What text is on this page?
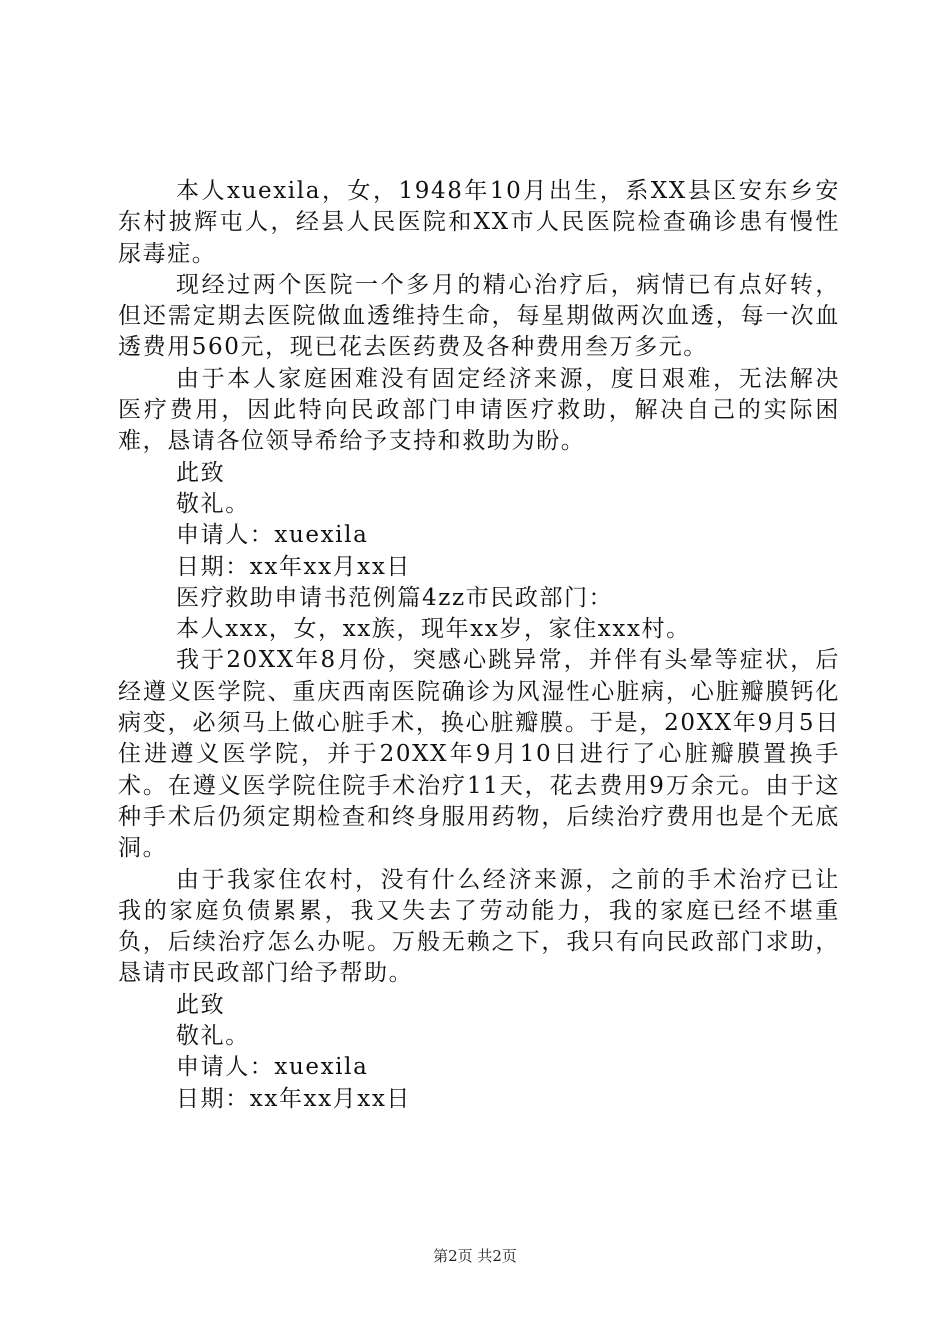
本人xuexila，女，1948年10月出生，系XX县区安东乡安东村披辉屯人，经县人民医院和XX市人民医院检查确诊患有慢性尿毒症。

现经过两个医院一个多月的精心治疗后，病情已有点好转，但还需定期去医院做血透维持生命，每星期做两次血透，每一次血透费用560元，现已花去医药费及各种费用叁万多元。

由于本人家庭困难没有固定经济来源，度日艰难，无法解决医疗费用，因此特向民政部门申请医疗救助，解决自己的实际困难，恳请各位领导希给予支持和救助为盼。

此致

敬礼。

申请人：xuexila

日期：xx年xx月xx日

医疗救助申请书范例篇4zz市民政部门：

本人xxx，女，xx族，现年xx岁，家住xxx村。

我于20XX年8月份，突感心跳异常，并伴有头晕等症状，后经遵义医学院、重庆西南医院确诊为风湿性心脏病，心脏瓣膜钙化病变，必须马上做心脏手术，换心脏瓣膜。于是，20XX年9月5日住进遵义医学院，并于20XX年9月10日进行了心脏瓣膜置换手术。在遵义医学院住院手术治疗11天，花去费用9万余元。由于这种手术后仍须定期检查和终身服用药物，后续治疗费用也是个无底洞。

由于我家住农村，没有什么经济来源，之前的手术治疗已让我的家庭负债累累，我又失去了劳动能力，我的家庭已经不堪重负，后续治疗怎么办呢。万般无赖之下，我只有向民政部门求助，恳请市民政部门给予帮助。

此致

敬礼。

申请人：xuexila

日期：xx年xx月xx日

第2页 共2页
